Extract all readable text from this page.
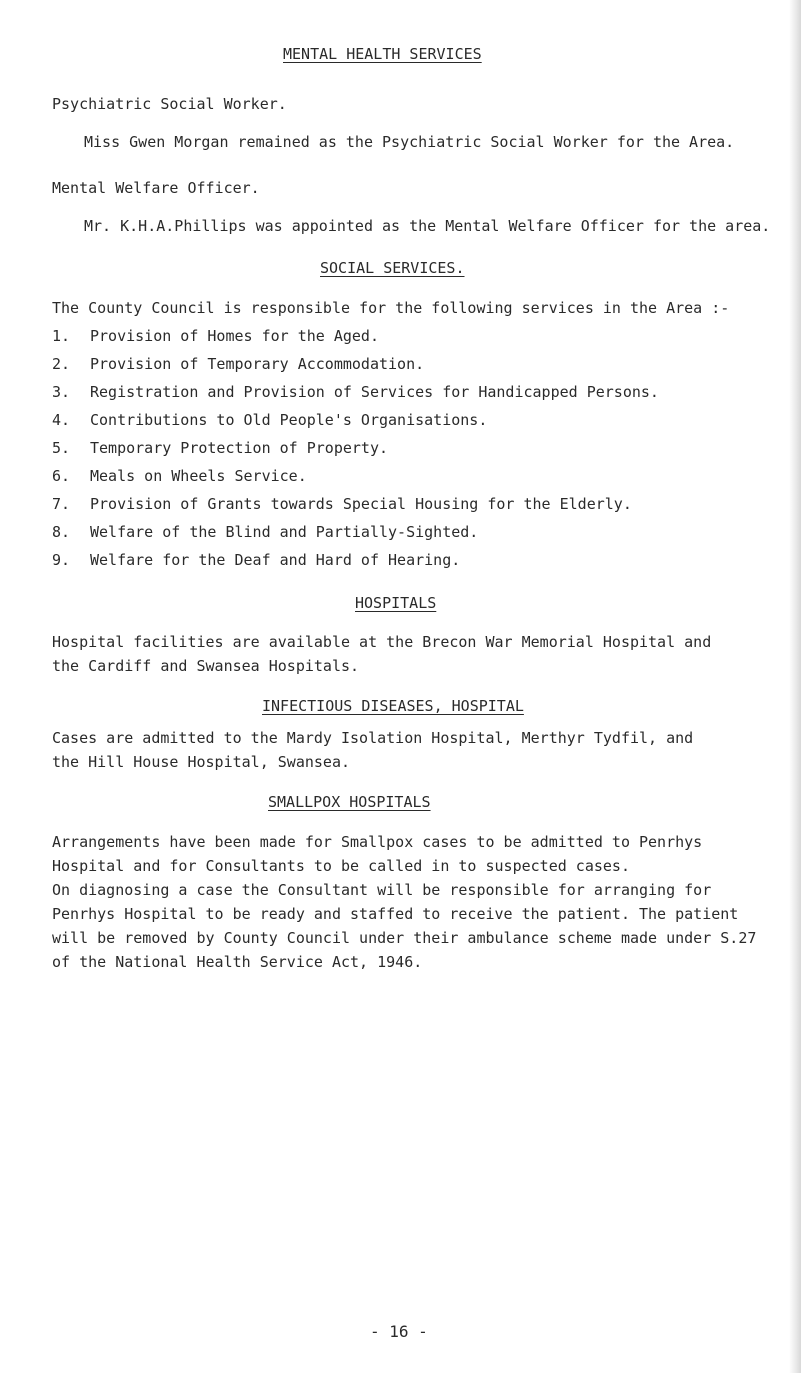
MENTAL HEALTH SERVICES
Psychiatric Social Worker.
Miss Gwen Morgan remained as the Psychiatric Social Worker for the Area.
Mental Welfare Officer.
Mr. K.H.A.Phillips was appointed as the Mental Welfare Officer for the area.
SOCIAL SERVICES.
The County Council is responsible for the following services in the Area :-
1.	Provision of Homes for the Aged.
2.	Provision of Temporary Accommodation.
3.	Registration and Provision of Services for Handicapped Persons.
4.	Contributions to Old People's Organisations.
5.	Temporary Protection of Property.
6.	Meals on Wheels Service.
7.	Provision of Grants towards Special Housing for the Elderly.
8.	Welfare of the Blind and Partially-Sighted.
9.	Welfare for the Deaf and Hard of Hearing.
HOSPITALS
Hospital facilities are available at the Brecon War Memorial Hospital and
the Cardiff and Swansea Hospitals.
INFECTIOUS DISEASES, HOSPITAL
Cases are admitted to the Mardy Isolation Hospital, Merthyr Tydfil, and
the Hill House Hospital, Swansea.
SMALLPOX HOSPITALS
Arrangements have been made for Smallpox cases to be admitted to Penrhys
Hospital and for Consultants to be called in to suspected cases.
On diagnosing a case the Consultant will be responsible for arranging for
Penrhys Hospital to be ready and staffed to receive the patient. The patient
will be removed by County Council under their ambulance scheme made under S.27
of the National Health Service Act, 1946.
- 16 -
